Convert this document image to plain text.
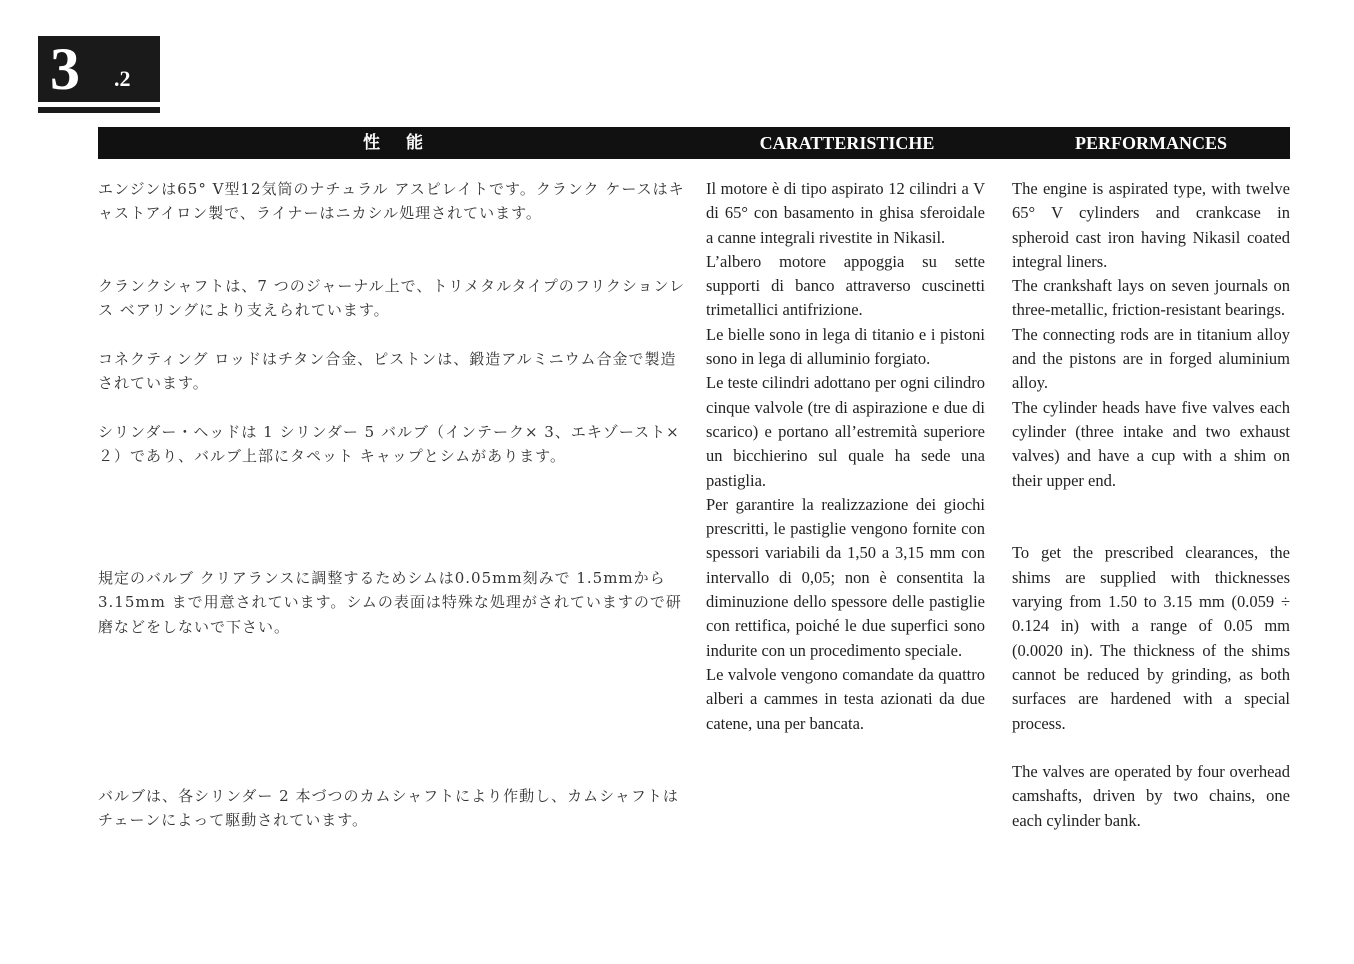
3 .2
性 能	CARATTERISTICHE	PERFORMANCES

エンジンは65° V型12気筒のナチュラル アスピレイトです。クランク ケースはキャストアイロン製で、ライナーはニカシル処理されています。

クランクシャフトは、7 つのジャーナル上で、トリメタルタイプのフリクションレス ベアリングにより支えられています。

コネクティング ロッドはチタン合金、ピストンは、鍛造アルミニウム合金で製造されています。

シリンダー・ヘッドは 1 シリンダー 5 バルブ（インテーク× 3、エキゾースト×２）であり、バルブ上部にタペット キャップとシムがあります。

規定のバルブ クリアランスに調整するためシムは0.05mm刻みで 1.5mmから 3.15mm まで用意されています。シムの表面は特殊な処理がされていますので研磨などをしないで下さい。

バルブは、各シリンダー 2 本づつのカムシャフトにより作動し、カムシャフトはチェーンによって駆動されています。

Il motore è di tipo aspirato 12 cilindri a V di 65° con basamento in ghisa sferoidale a canne integrali rivestite in Nikasil.

L’albero motore appoggia su sette supporti di banco attraverso cuscinetti trimetallici antifrizione.

Le bielle sono in lega di titanio e i pistoni sono in lega di alluminio forgiato.

Le teste cilindri adottano per ogni cilindro cinque valvole (tre di aspirazione e due di scarico) e portano all’estremità superiore un bicchierino sul quale ha sede una pastiglia.

Per garantire la realizzazione dei giochi prescritti, le pastiglie vengono fornite con spessori variabili da 1,50 a 3,15 mm con intervallo di 0,05; non è consentita la diminuzione dello spessore delle pastiglie con rettifica, poiché le due superfici sono indurite con un procedimento speciale.

Le valvole vengono comandate da quattro alberi a cammes in testa azionati da due catene, una per bancata.

The engine is aspirated type, with twelve 65° V cylinders and crankcase in spheroid cast iron having Nikasil coated integral liners.

The crankshaft lays on seven journals on three-metallic, friction-resistant bearings.

The connecting rods are in titanium alloy and the pistons are in forged aluminium alloy.

The cylinder heads have five valves each cylinder (three intake and two exhaust valves) and have a cup with a shim on their upper end.

To get the prescribed clearances, the shims are supplied with thicknesses varying from 1.50 to 3.15 mm (0.059 ÷ 0.124 in) with a range of 0.05 mm (0.0020 in). The thickness of the shims cannot be reduced by grinding, as both surfaces are hardened with a special process.

The valves are operated by four overhead camshafts, driven by two chains, one each cylinder bank.
